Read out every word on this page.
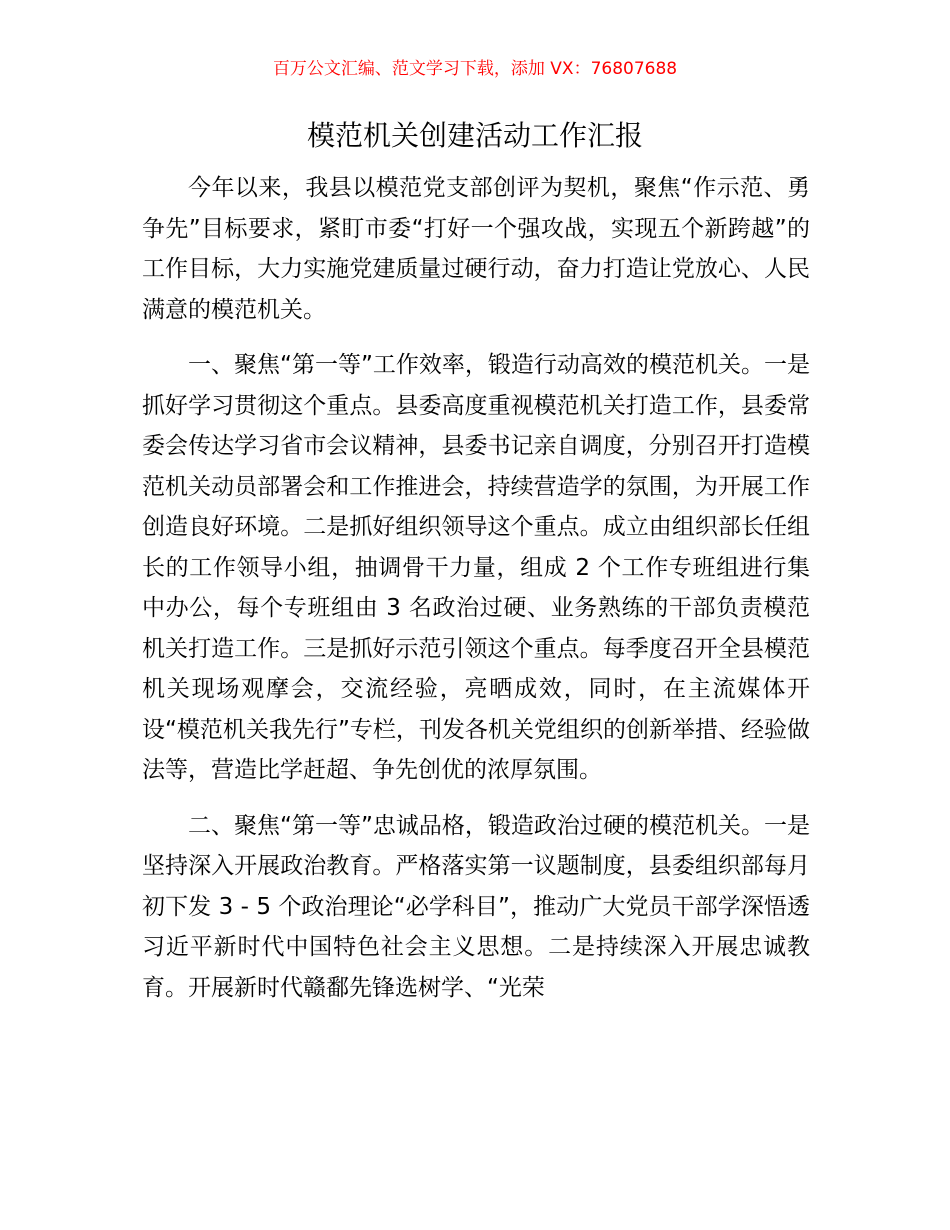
百万公文汇编、范文学习下载，添加 VX：76807688
模范机关创建活动工作汇报

今年以来，我县以模范党支部创评为契机，聚焦“作示范、勇争先”目标要求，紧盯市委“打好一个强攻战，实现五个新跨越”的工作目标，大力实施党建质量过硬行动，奋力打造让党放心、人民满意的模范机关。

一、聚焦“第一等”工作效率，锻造行动高效的模范机关。一是抓好学习贯彻这个重点。县委高度重视模范机关打造工作，县委常委会传达学习省市会议精神，县委书记亲自调度，分别召开打造模范机关动员部署会和工作推进会，持续营造学的氛围，为开展工作创造良好环境。二是抓好组织领导这个重点。成立由组织部长任组长的工作领导小组，抽调骨干力量，组成 2 个工作专班组进行集中办公，每个专班组由 3 名政治过硬、业务熟练的干部负责模范机关打造工作。三是抓好示范引领这个重点。每季度召开全县模范机关现场观摩会，交流经验，亮晒成效，同时，在主流媒体开设“模范机关我先行”专栏，刊发各机关党组织的创新举措、经验做法等，营造比学赶超、争先创优的浓厚氛围。

二、聚焦“第一等”忠诚品格，锻造政治过硬的模范机关。一是坚持深入开展政治教育。严格落实第一议题制度，县委组织部每月初下发 3 - 5 个政治理论“必学科目”，推动广大党员干部学深悟透习近平新时代中国特色社会主义思想。二是持续深入开展忠诚教育。开展新时代赣鄱先锋选树学、“光荣
